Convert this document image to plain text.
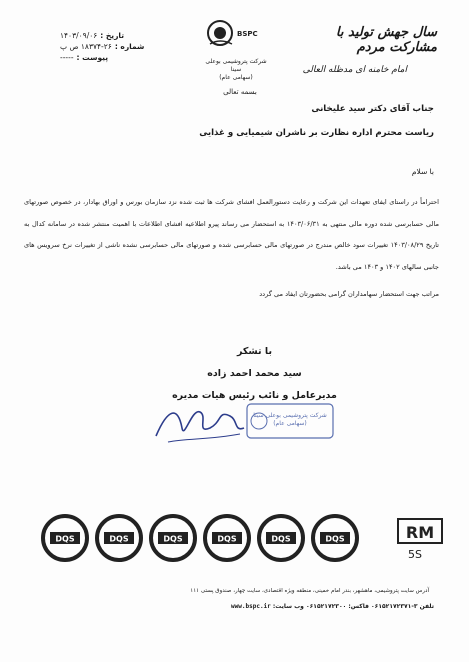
تاریخ :
۱۴۰۳/۰۹/۰۶
شماره :
۱۸۳۷۴-۲۶ ص پ
پیوست :
-----
BSPC
شرکت پتروشیمی بوعلی سینا
(سهامی عام)
بسمه تعالی
سال جهش تولید با مشارکت مردم
امام خامنه ای مدظله العالی
جناب آقای دکتر سید علیخانی
ریاست محترم اداره نظارت بر ناشران شیمیایی و غذایی
با سلام
احتراماً در راستای ایفای تعهدات این شرکت و رعایت دستورالعمل افشای شرکت ها ثبت شده نزد سازمان بورس و اوراق بهادار، در خصوص صورتهای مالی حسابرسی شده دوره مالی منتهی به ۱۴۰۳/۰۶/۳۱ به استحضار می رساند پیرو اطلاعیه افشای اطلاعات با اهمیت منتشر شده در سامانه کدال به تاریخ ۱۴۰۳/۰۸/۲۹ تغییرات سود خالص مندرج در صورتهای مالی حسابرسی شده و صورتهای مالی حسابرسی نشده ناشی از تغییرات نرخ سرویس های جانبی سالهای ۱۴۰۲ و ۱۴۰۳ می باشد.
مراتب جهت استحضار سهامداران گرامی بحضورتان ایفاد می گردد
با تشکر
سید محمد احمد زاده
مدیرعامل و نائب رئیس هیات مدیره
شرکت پتروشیمی بوعلی سینا
(سهامی عام)
DQS	DQS	DQS	DQS	DQS	DQS	RM
5S
آدرس سایت پتروشیمی، ماهشهر، بندر امام خمینی، منطقه ویژه اقتصادی، سایت چهار، صندوق پستی ۱۱۱
تلفن ۳-۰۶۱۵۲۱۷۲۳۷۱ فاکس: ۰۶۱۵۲۱۷۲۳۰۰ وب سایت: www.bspc.ir
